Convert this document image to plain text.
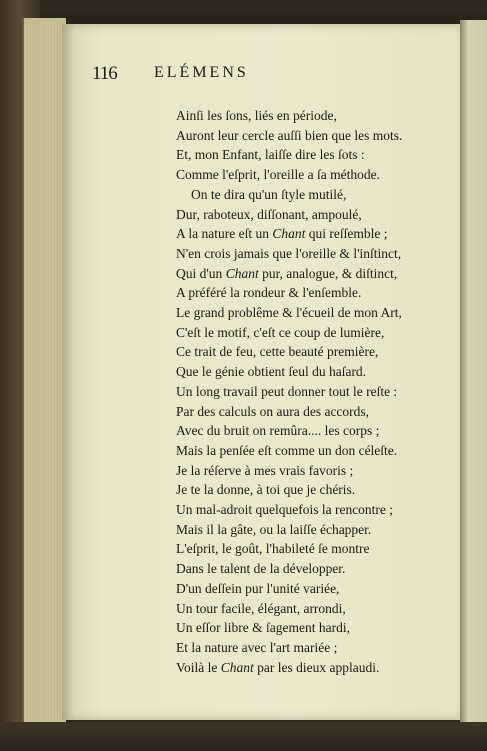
116 ELÉMENS
Ainſi les ſons, liés en période,
Auront leur cercle auſſi bien que les mots.
Et, mon Enfant, laiſſe dire les ſots :
Comme l'eſprit, l'oreille a ſa méthode.
On te dira qu'un ſtyle mutilé,
Dur, raboteux, diſſonant, ampoulé,
A la nature eſt un Chant qui reſſemble ;
N'en crois jamais que l'oreille & l'inſtinct,
Qui d'un Chant pur, analogue, & diſtinct,
A préféré la rondeur & l'enſemble.
Le grand problême & l'écueil de mon Art,
C'eſt le motif, c'eſt ce coup de lumière,
Ce trait de feu, cette beauté première,
Que le génie obtient ſeul du haſard.
Un long travail peut donner tout le reſte :
Par des calculs on aura des accords,
Avec du bruit on remûra.... les corps ;
Mais la penſée eſt comme un don céleſte.
Je la réſerve à mes vrais favoris ;
Je te la donne, à toi que je chéris.
Un mal-adroit quelquefois la rencontre ;
Mais il la gâte, ou la laiſſe échapper.
L'eſprit, le goût, l'habileté ſe montre
Dans le talent de la développer.
D'un deſſein pur l'unité variée,
Un tour facile, élégant, arrondi,
Un eſſor libre & ſagement hardi,
Et la nature avec l'art mariée ;
Voilà le Chant par les dieux applaudi.
